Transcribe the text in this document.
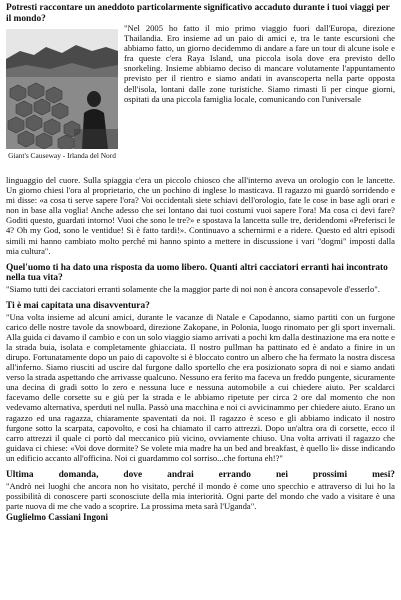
Potresti raccontare un aneddoto particolarmente significativo accaduto durante i tuoi viaggi per il mondo?

Giant's Causeway - Irlanda del Nord

"Nel 2005 ho fatto il mio primo viaggio fuori dall'Europa, direzione Thailandia. Ero insieme ad un paio di amici e, tra le tante escursioni che abbiamo fatto, un giorno decidemmo di andare a fare un tour di alcune isole e fra queste c'era Raya Island, una piccola isola dove era previsto dello snorkeling. Insieme abbiamo deciso di mancare volutamente l'appuntamento previsto per il rientro e siamo andati in avanscoperta nella parte opposta dell'isola, lontani dalle zone turistiche. Siamo rimasti lì per cinque giorni, ospitati da una piccola famiglia locale, comunicando con l'universale

linguaggio del cuore. Sulla spiaggia c'era un piccolo chiosco che all'interno aveva un orologio con le lancette. Un giorno chiesi l'ora al proprietario, che un pochino di inglese lo masticava. Il ragazzo mi guardò sorridendo e mi disse: «a cosa ti serve sapere l'ora? Voi occidentali siete schiavi dell'orologio, fate le cose in base agli orari e non in base alla voglia! Anche adesso che sei lontano dai tuoi costumi vuoi sapere l'ora! Ma cosa ci devi fare? Goditi questo, guardati intorno! Vuoi che sono le tre?» e spostava la lancetta sulle tre, deridendomi «Preferisci le 4? Oh my God, sono le ventidue! Si è fatto tardi!». Continuavo a schernirmi e a ridere. Questo ed altri episodi simili mi hanno cambiato molto perché mi hanno spinto a mettere in discussione i vari "dogmi" imposti dalla mia cultura".

Quel'uomo ti ha dato una risposta da uomo libero. Quanti altri cacciatori erranti hai incontrato nella tua vita?

"Siamo tutti dei cacciatori erranti solamente che la maggior parte di noi non è ancora consapevole d'esserlo".

Ti è mai capitata una disavventura?

"Una volta insieme ad alcuni amici, durante le vacanze di Natale e Capodanno, siamo partiti con un furgone carico delle nostre tavole da snowboard, direzione Zakopane, in Polonia, luogo rinomato per gli sport invernali. Alla guida ci davamo il cambio e con un solo viaggio siamo arrivati a pochi km dalla destinazione ma era notte e la strada buia, isolata e completamente ghiacciata. Il nostro pullman ha pattinato ed è andato a finire in un dirupo. Fortunatamente dopo un paio di capovolte si è bloccato contro un albero che ha fermato la nostra discesa all'inferno. Siamo riusciti ad uscire dal furgone dallo sportello che era posizionato sopra di noi e siamo andati verso la strada aspettando che arrivasse qualcuno. Nessuno era ferito ma faceva un freddo pungente, sicuramente una decina di gradi sotto lo zero e nessuna luce e nessuna automobile a cui chiedere aiuto. Per scaldarci facevamo delle corsette su e giù per la strada e le abbiamo ripetute per circa 2 ore dal momento che non vedevamo alternativa, sperduti nel nulla. Passò una macchina e noi ci avvicinammo per chiedere aiuto. Erano un ragazzo ed una ragazza, chiaramente spaventati da noi. Il ragazzo è sceso e gli abbiamo indicato il nostro furgone sotto la scarpata, capovolto, e così ha chiamato il carro attrezzi. Dopo un'altra ora di corsette, ecco il carro attrezzi il quale ci portò dal meccanico più vicino, ovviamente chiuso. Una volta arrivati il ragazzo che guidava ci chiese: «Voi dove dormite? Se volete mia madre ha un bed and breakfast, è quello lì» disse indicando un edificio accanto all'officina. Noi ci guardammo col sorriso...che fortuna eh!?"

Ultima domanda, dove andrai errando nei prossimi mesi?

"Andrò nei luoghi che ancora non ho visitato, perché il mondo è come uno specchio e attraverso di lui ho la possibilità di conoscere parti sconosciute della mia interiorità. Ogni parte del mondo che vado a visitare è una parte nuova di me che vado a scoprire. La prossima meta sarà l'Uganda".

Guglielmo Cassiani Ingoni
